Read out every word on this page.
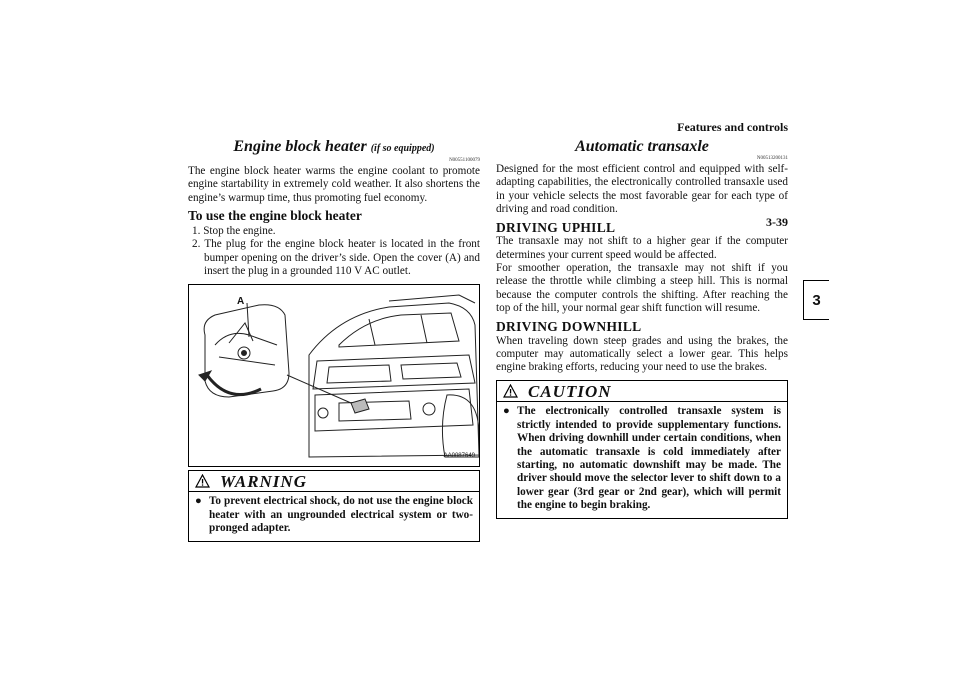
Features and controls
3-39
3
Engine block heater (if so equipped)
N00551100079

The engine block heater warms the engine coolant to promote engine startability in extremely cold weather. It also shortens the engine’s warmup time, thus promoting fuel economy.

To use the engine block heater
1. Stop the engine.
2. The plug for the engine block heater is located in the front bumper opening on the driver’s side. Open the cover (A) and insert the plug in a grounded 110 V AC outlet.
A
AA0087649
WARNING
● To prevent electrical shock, do not use the engine block heater with an ungrounded electrical system or two-pronged adapter.
Automatic transaxle
N00513200131

Designed for the most efficient control and equipped with self-adapting capabilities, the electronically controlled transaxle used in your vehicle selects the most favorable gear for each type of driving and road condition.

DRIVING UPHILL

The transaxle may not shift to a higher gear if the computer determines your current speed would be affected.

For smoother operation, the transaxle may not shift if you release the throttle while climbing a steep hill. This is normal because the computer controls the shifting. After reaching the top of the hill, your normal gear shift function will resume.

DRIVING DOWNHILL

When traveling down steep grades and using the brakes, the computer may automatically select a lower gear. This helps engine braking efforts, reducing your need to use the brakes.

CAUTION
● The electronically controlled transaxle system is strictly intended to provide supplementary functions. When driving downhill under certain conditions, when the automatic transaxle is cold immediately after starting, no automatic downshift may be made. The driver should move the selector lever to shift down to a lower gear (3rd gear or 2nd gear), which will permit the engine to begin braking.
